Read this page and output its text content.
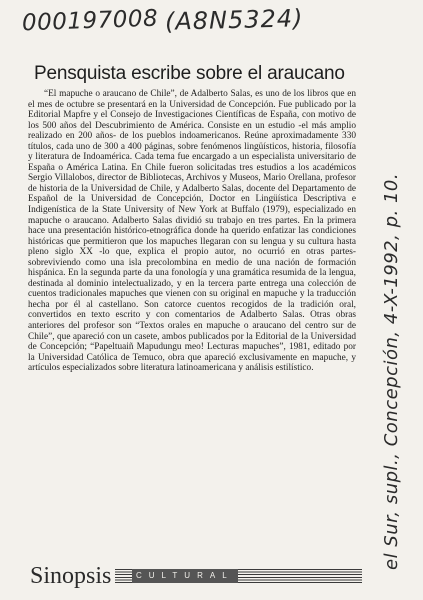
000197008 (A8N5324)
el Sur, supl., Concepción, 4-X-1992, p. 10.
Pensquista escribe sobre el araucano

“El mapuche o araucano de Chile”, de Adalberto Salas, es uno de los libros que en el mes de octubre se presentará en la Universidad de Concepción. Fue publicado por la Editorial Mapfre y el Consejo de Investigaciones Científicas de España, con motivo de los 500 años del Descubrimiento de América. Consiste en un estudio -el más amplio realizado en 200 años- de los pueblos indoamericanos. Reúne aproximadamente 330 títulos, cada uno de 300 a 400 páginas, sobre fenómenos lingüísticos, historia, filosofía y literatura de Indoamérica. Cada tema fue encargado a un especialista universitario de España o América Latina. En Chile fueron solicitadas tres estudios a los académicos Sergio Villalobos, director de Bibliotecas, Archivos y Museos, Mario Orellana, profesor de historia de la Universidad de Chile, y Adalberto Salas, docente del Departamento de Español de la Universidad de Concepción, Doctor en Lingüística Descriptiva e Indigenística de la State University of New York at Buffalo (1979), especializado en mapuche o araucano. Adalberto Salas dividió su trabajo en tres partes. En la primera hace una presentación histórico-etnográfica donde ha querido enfatizar las condiciones históricas que permitieron que los mapuches llegaran con su lengua y su cultura hasta pleno siglo XX -lo que, explica el propio autor, no ocurrió en otras partes- sobreviviendo como una isla precolombina en medio de una nación de formación hispánica. En la segunda parte da una fonología y una gramática resumida de la lengua, destinada al dominio intelectualizado, y en la tercera parte entrega una colección de cuentos tradicionales mapuches que vienen con su original en mapuche y la traducción hecha por él al castellano. Son catorce cuentos recogidos de la tradición oral, convertidos en texto escrito y con comentarios de Adalberto Salas. Otras obras anteriores del profesor son “Textos orales en mapuche o araucano del centro sur de Chile”, que apareció con un casete, ambos publicados por la Editorial de la Universidad de Concepción; “Papeltuaiñ Mapudungu meo! Lecturas mapuches”, 1981, editado por la Universidad Católica de Temuco, obra que apareció exclusivamente en mapuche, y artículos especializados sobre literatura latinoamericana y análisis estilístico.

Sinopsis	CULTURAL
